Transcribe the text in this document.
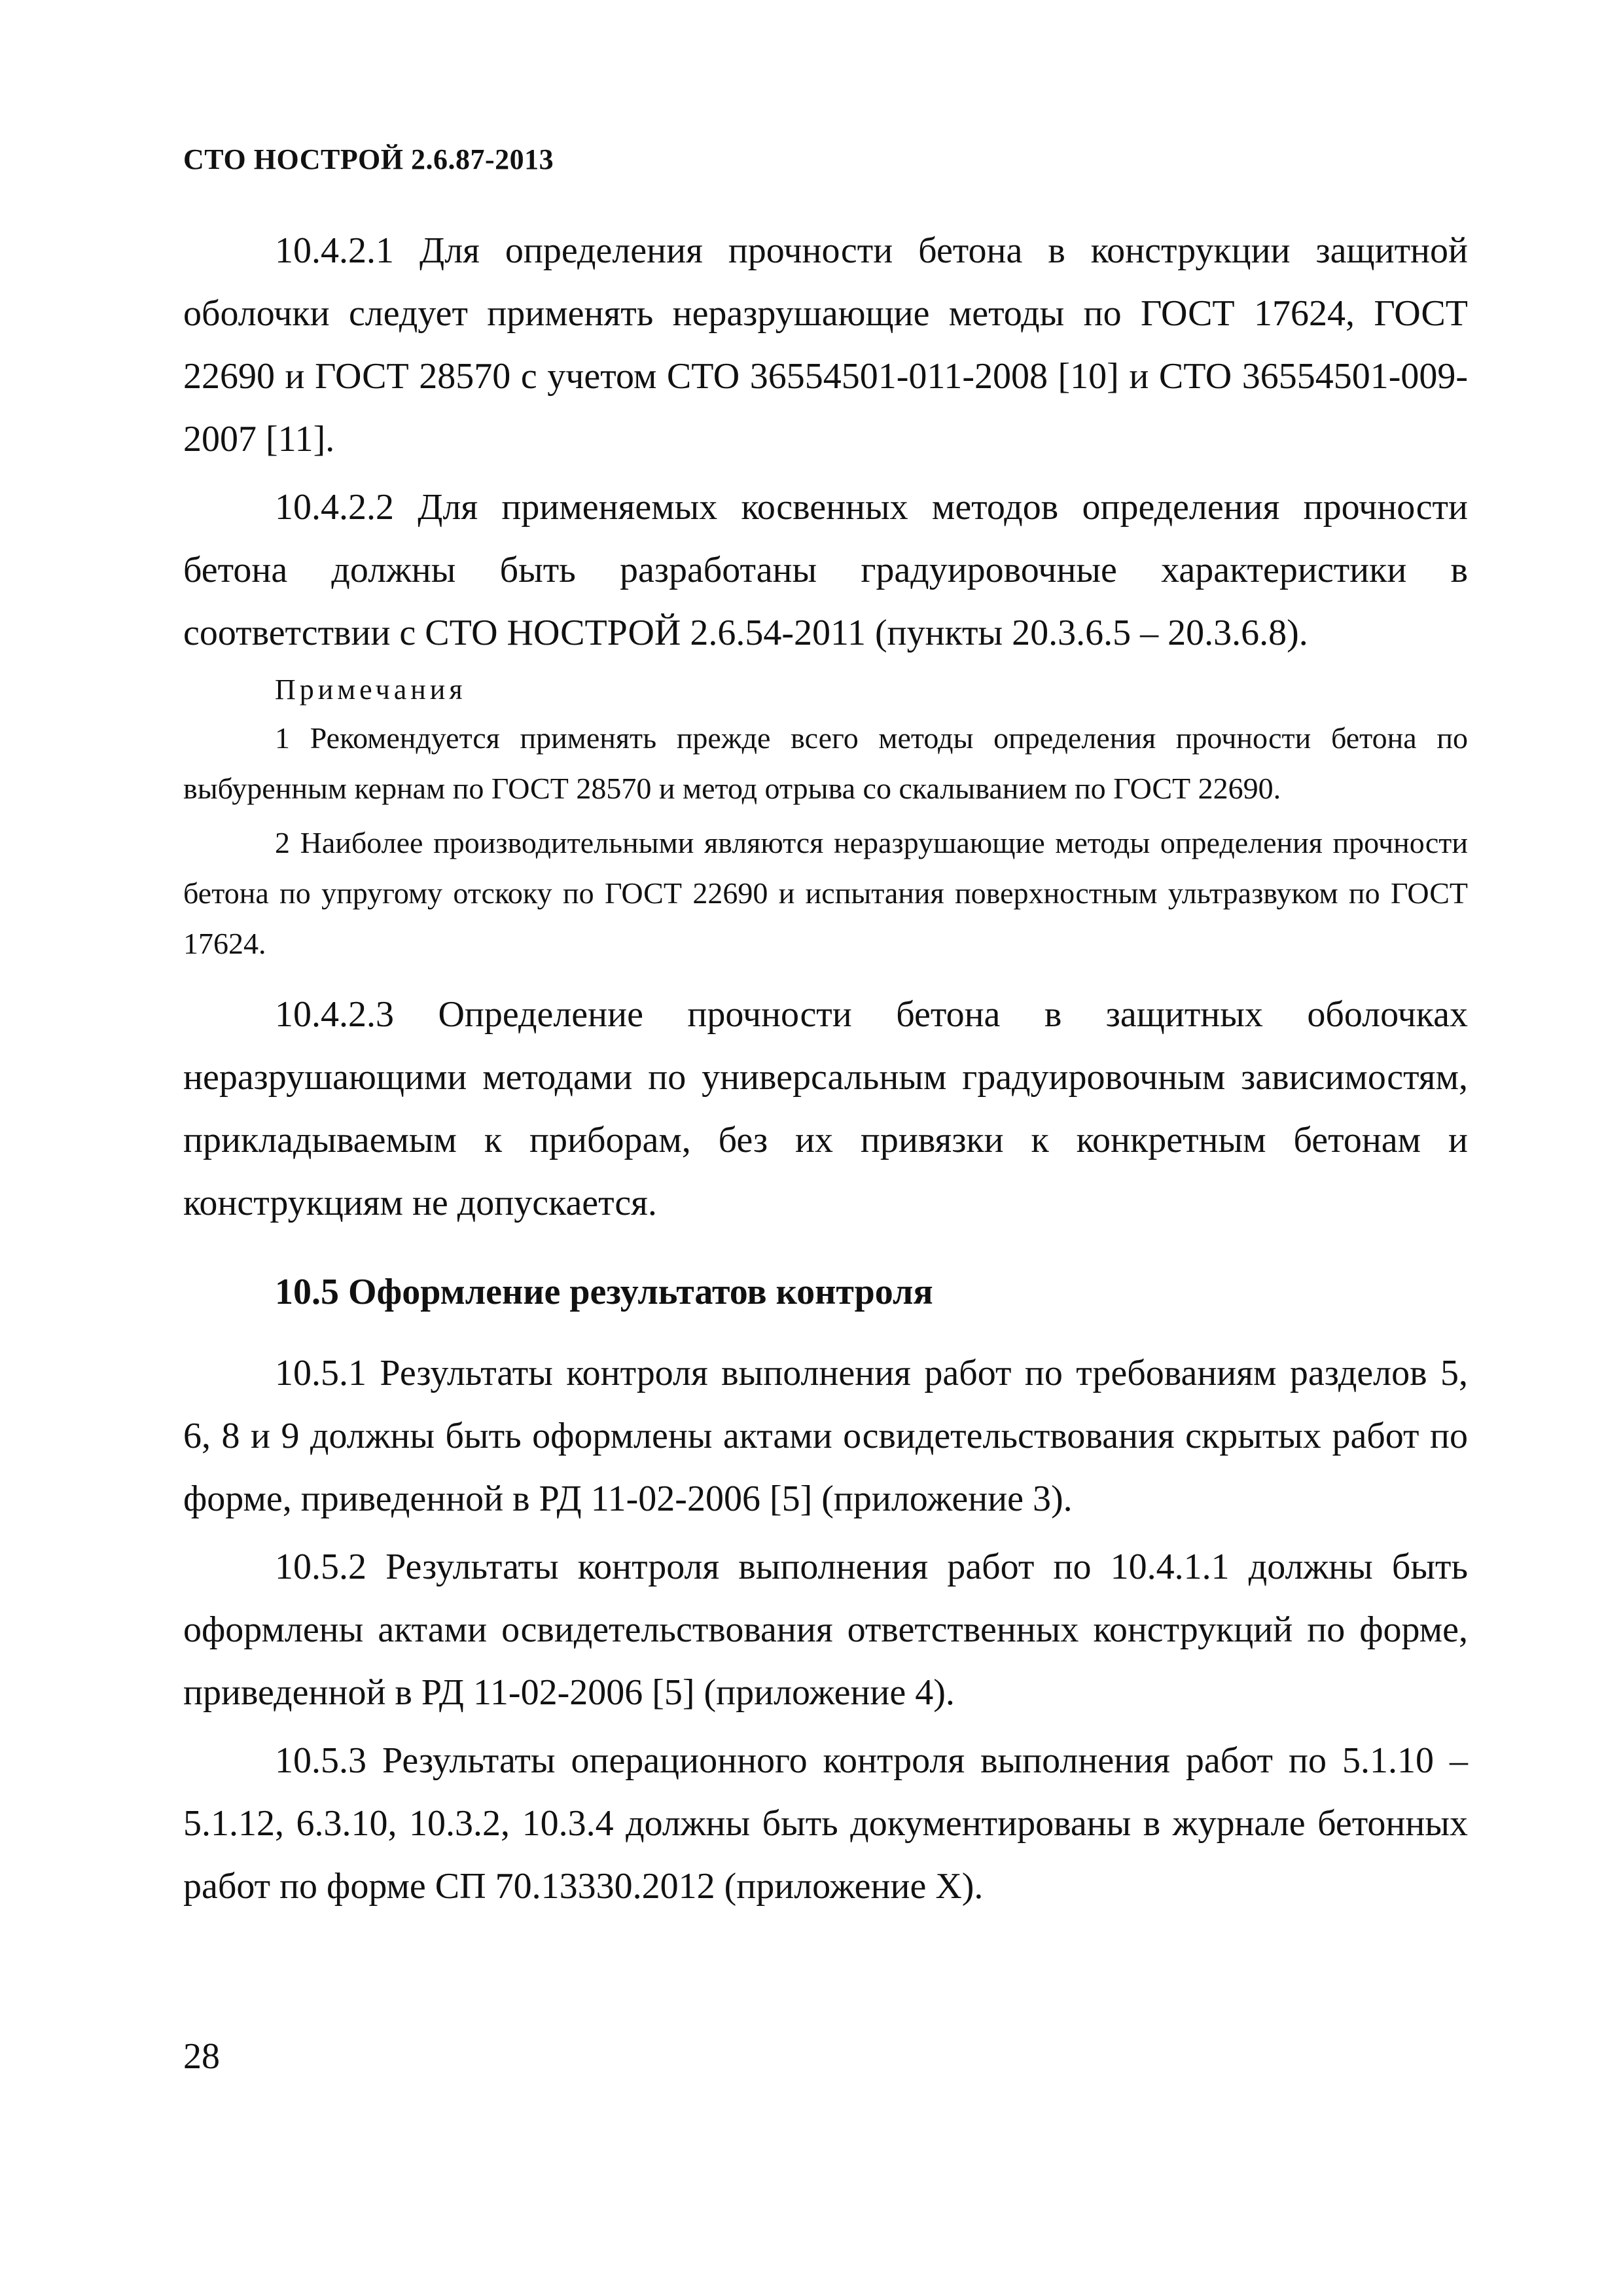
СТО НОСТРОЙ 2.6.87-2013

10.4.2.1 Для определения прочности бетона в конструкции защитной оболочки следует применять неразрушающие методы по ГОСТ 17624, ГОСТ 22690 и ГОСТ 28570 с учетом СТО 36554501-011-2008 [10] и СТО 36554501-009-2007 [11].

10.4.2.2 Для применяемых косвенных методов определения прочности бетона должны быть разработаны градуировочные характеристики в соответствии с СТО НОСТРОЙ 2.6.54-2011 (пункты 20.3.6.5 – 20.3.6.8).

Примечания

1 Рекомендуется применять прежде всего методы определения прочности бетона по выбуренным кернам по ГОСТ 28570 и метод отрыва со скалыванием по ГОСТ 22690.

2 Наиболее производительными являются неразрушающие методы определения прочности бетона по упругому отскоку по ГОСТ 22690 и испытания поверхностным ультразвуком по ГОСТ 17624.

10.4.2.3 Определение прочности бетона в защитных оболочках неразрушающими методами по универсальным градуировочным зависимостям, прикладываемым к приборам, без их привязки к конкретным бетонам и конструкциям не допускается.

10.5 Оформление результатов контроля

10.5.1 Результаты контроля выполнения работ по требованиям разделов 5, 6, 8 и 9 должны быть оформлены актами освидетельствования скрытых работ по форме, приведенной в РД 11-02-2006 [5] (приложение 3).

10.5.2 Результаты контроля выполнения работ по 10.4.1.1 должны быть оформлены актами освидетельствования ответственных конструкций по форме, приведенной в РД 11-02-2006 [5] (приложение 4).

10.5.3 Результаты операционного контроля выполнения работ по 5.1.10 – 5.1.12, 6.3.10, 10.3.2, 10.3.4 должны быть документированы в журнале бетонных работ по форме СП 70.13330.2012 (приложение Х).

28
